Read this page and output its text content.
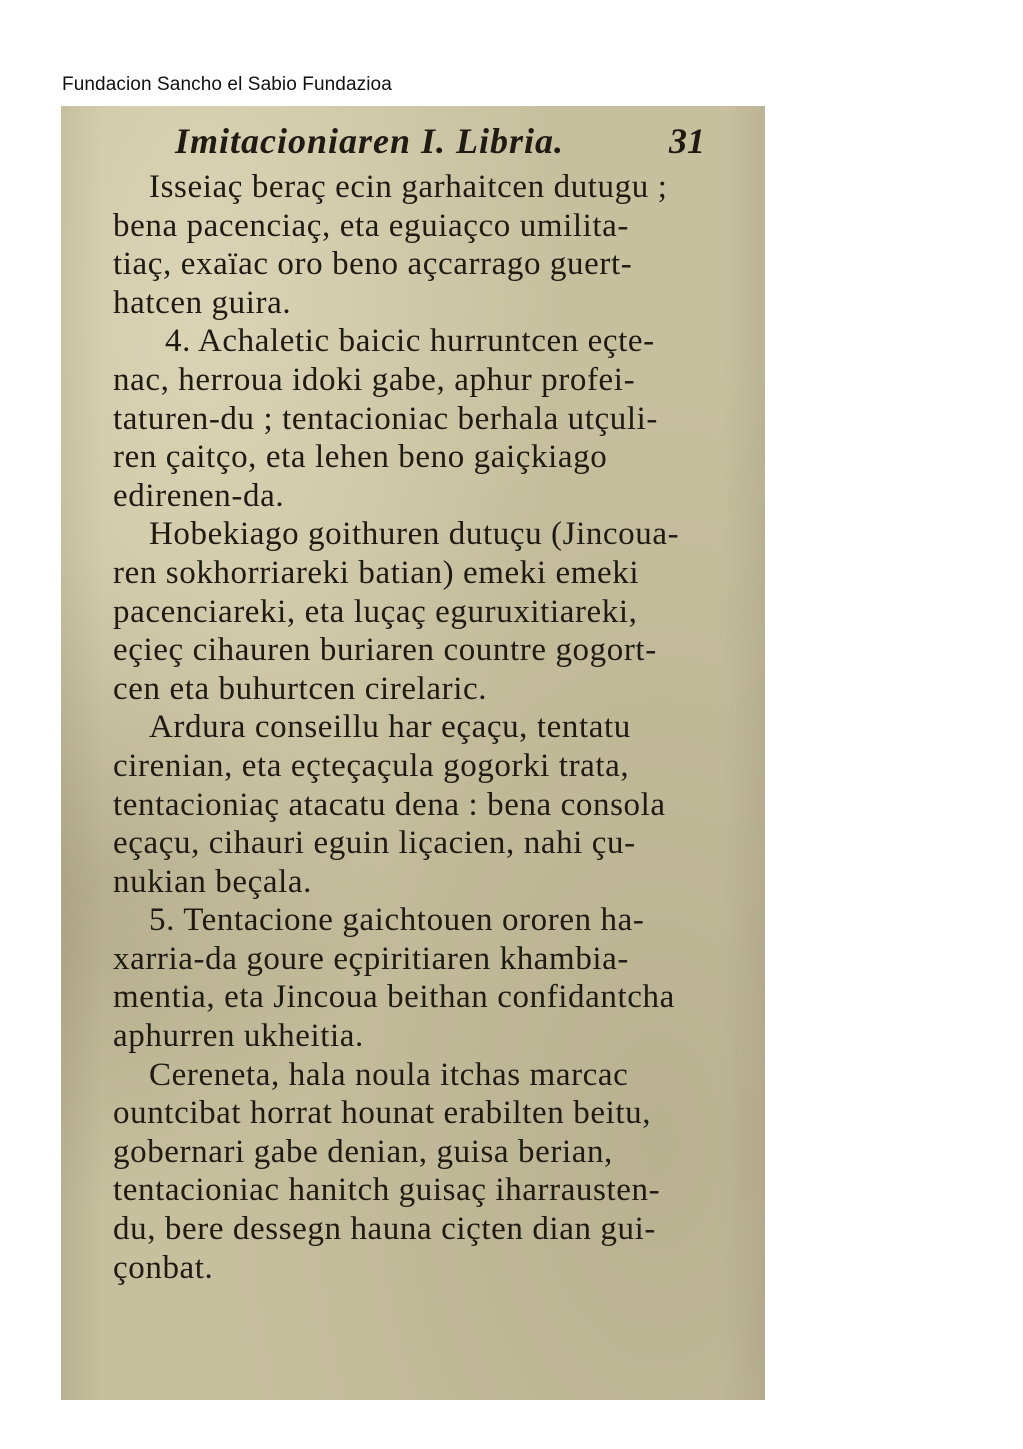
Fundacion Sancho el Sabio Fundazioa
Imitacioniaren I. Libria.	31
Isseiaç beraç ecin garhaitcen dutugu ;
bena pacenciaç, eta eguiaçco umilita-
tiaç, exaïac oro beno açcarrago guert-
hatcen guira.
4. Achaletic baicic hurruntcen eçte-
nac, herroua idoki gabe, aphur profei-
taturen-du ; tentacioniac berhala utçuli-
ren çaitço, eta lehen beno gaiçkiago
edirenen-da.
Hobekiago goithuren dutuçu (Jincoua-
ren sokhorriareki batian) emeki emeki
pacenciareki, eta luçaç eguruxitiareki,
eçieç cihauren buriaren countre gogort-
cen eta buhurtcen cirelaric.
Ardura conseillu har eçaçu, tentatu
cirenian, eta eçteçaçula gogorki trata,
tentacioniaç atacatu dena : bena consola
eçaçu, cihauri eguin liçacien, nahi çu-
nukian beçala.
5. Tentacione gaichtouen ororen ha-
xarria-da goure eçpiritiaren khambia-
mentia, eta Jincoua beithan confidantcha
aphurren ukheitia.
Cereneta, hala noula itchas marcac
ountcibat horrat hounat erabilten beitu,
gobernari gabe denian, guisa berian,
tentacioniac hanitch guisaç iharrausten-
du, bere dessegn hauna ciçten dian gui-
çonbat.
